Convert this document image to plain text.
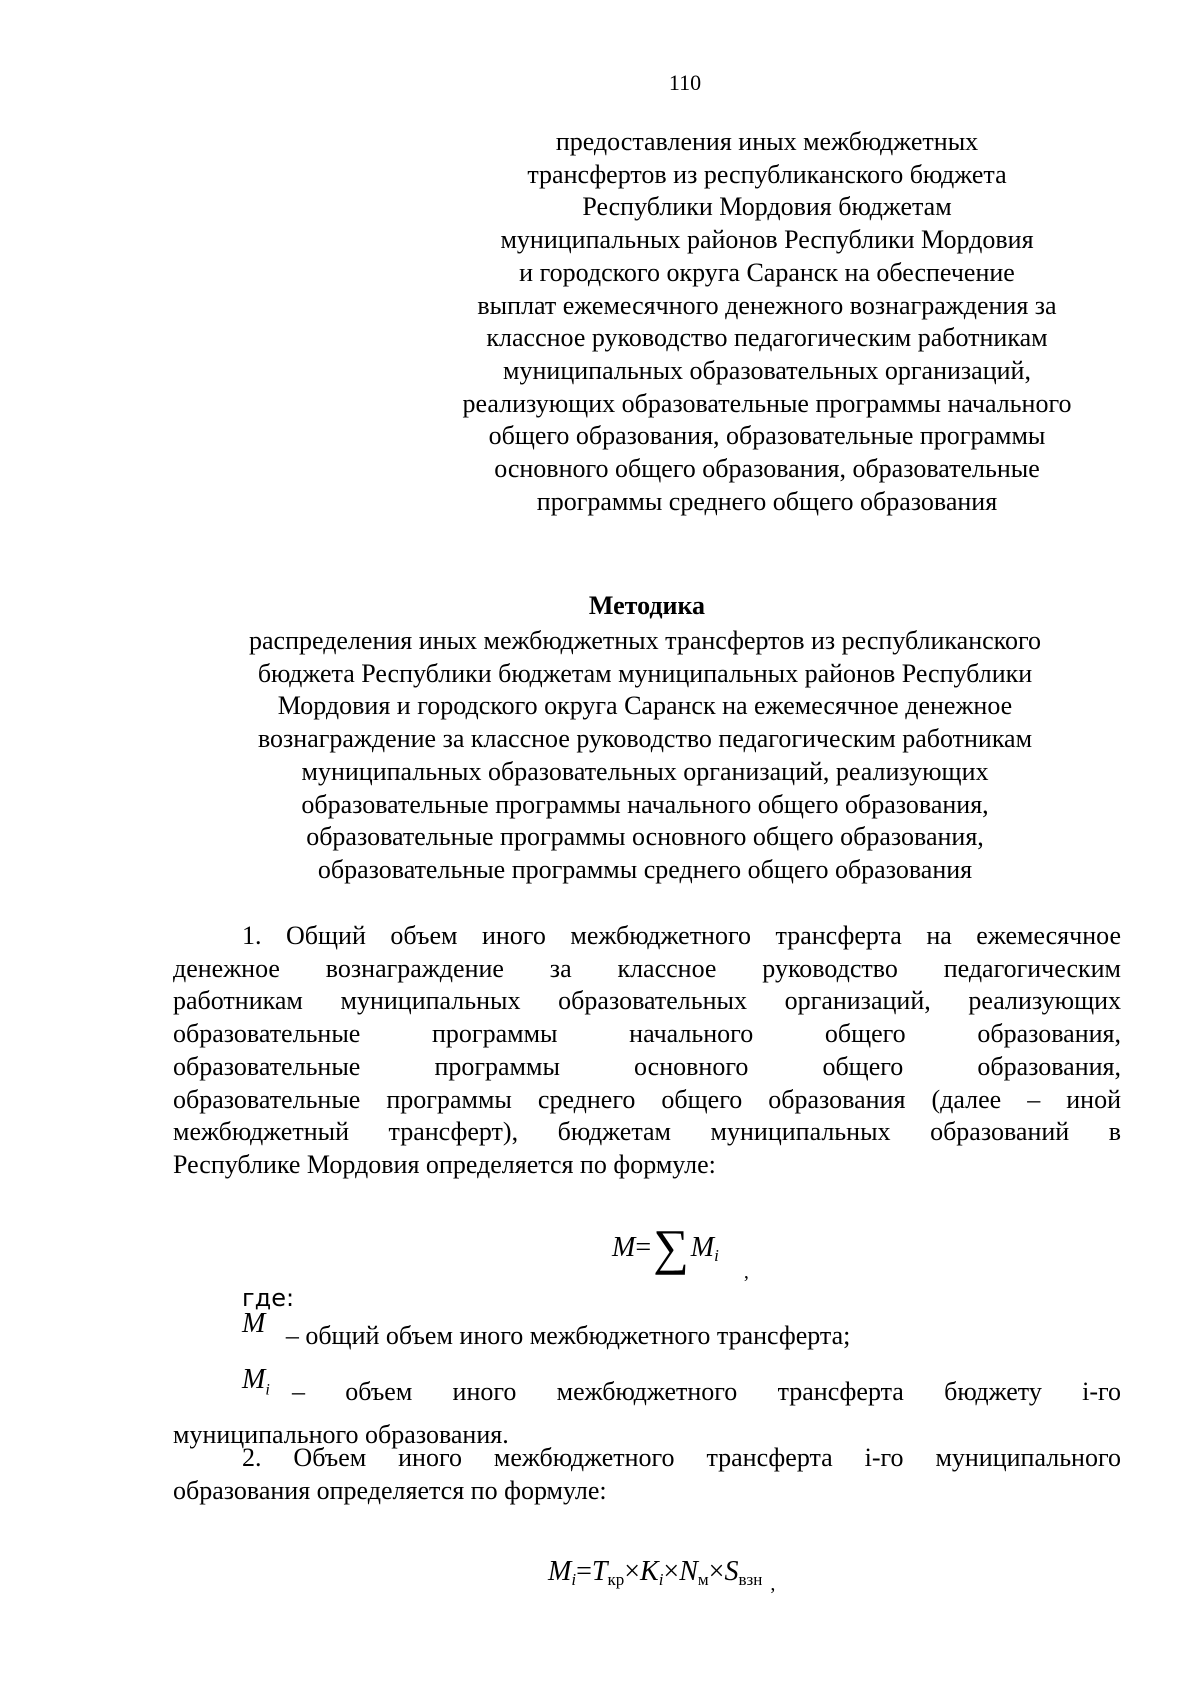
110
предоставления иных межбюджетных
трансфертов из республиканского бюджета
Республики Мордовия бюджетам
муниципальных районов Республики Мордовия
и городского округа Саранск на обеспечение
выплат ежемесячного денежного вознаграждения за
классное руководство педагогическим работникам
муниципальных образовательных организаций,
реализующих образовательные программы начального
общего образования, образовательные программы
основного общего образования, образовательные
программы среднего общего образования
Методика
распределения иных межбюджетных трансфертов из республиканского
бюджета Республики бюджетам муниципальных районов Республики
Мордовия и городского округа Саранск на ежемесячное денежное
вознаграждение за классное руководство педагогическим работникам
муниципальных образовательных организаций, реализующих
образовательные программы начального общего образования,
образовательные программы основного общего образования,
образовательные программы среднего общего образования
1. Общий объем иного межбюджетного трансферта на ежемесячное
денежное вознаграждение за классное руководство педагогическим
работникам муниципальных образовательных организаций, реализующих
образовательные программы начального общего образования,
образовательные программы основного общего образования,
образовательные программы среднего общего образования (далее – иной
межбюджетный трансферт), бюджетам муниципальных образований в
Республике Мордовия определяется по формуле:
$M=\sum M_i$ $_,$
где:
M – общий объем иного межбюджетного трансферта;
$M_i$ – объем иного межбюджетного трансферта бюджету i-го
муниципального образования.
2. Объем иного межбюджетного трансферта i-го муниципального
образования определяется по формуле:
$M_i=T_{кр}\times K_i\times N_м\times S_{взн}$ $_,$
